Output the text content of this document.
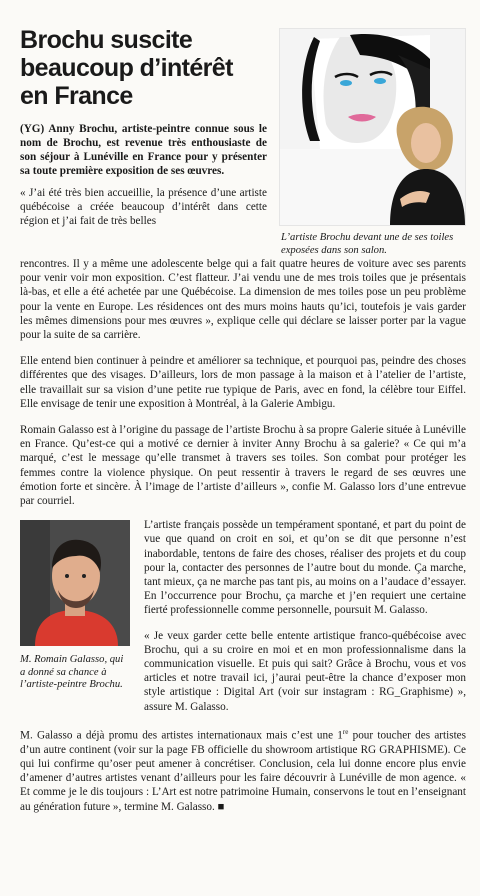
Brochu suscite
beaucoup d’intérêt
en France

(YG) Anny Brochu, artiste-peintre connue sous le nom de Brochu, est revenue très enthousiaste de son séjour à Lunéville en France pour y présenter sa toute première exposition de ses œuvres.

« J’ai été très bien accueillie, la présence d’une artiste québécoise a créée beaucoup d’intérêt dans cette région et j’ai fait de très belles

L’artiste Brochu devant une de ses toiles exposées dans son salon.

rencontres. Il y a même une adolescente belge qui a fait quatre heures de voiture avec ses parents pour venir voir mon exposition. C’est flatteur. J’ai vendu une de mes trois toiles que je présentais là-bas, et elle a été achetée par une Québécoise. La dimension de mes toiles pose un peu problème pour la vente en Europe. Les résidences ont des murs moins hauts qu’ici, toutefois je vais garder les mêmes dimensions pour mes œuvres », explique celle qui déclare se laisser porter par la vague pour la suite de sa carrière.

Elle entend bien continuer à peindre et améliorer sa technique, et pourquoi pas, peindre des choses différentes que des visages. D’ailleurs, lors de mon passage à la maison et à l’atelier de l’artiste, elle travaillait sur sa vision d’une petite rue typique de Paris, avec en fond, la célèbre tour Eiffel. Elle envisage de tenir une exposition à Montréal, à la Galerie Ambigu.

Romain Galasso est à l’origine du passage de l’artiste Brochu à sa propre Galerie située à Lunéville en France. Qu’est-ce qui a motivé ce dernier à inviter Anny Brochu à sa galerie? « Ce qui m’a marqué, c’est le message qu’elle transmet à travers ses toiles. Son combat pour protéger les femmes contre la violence physique. On peut ressentir à travers le regard de ses œuvres une émotion forte et sincère. À l’image de l’artiste d’ailleurs », confie M. Galasso lors d’une entrevue par courriel.

M. Romain Galasso, qui a donné sa chance à l’artiste-peintre Brochu.

L’artiste français possède un tempérament spontané, et part du point de vue que quand on croit en soi, et qu’on se dit que personne n’est inabordable, tentons de faire des choses, réaliser des projets et du coup pour la, contacter des personnes de l’autre bout du monde. Ça marche, tant mieux, ça ne marche pas tant pis, au moins on a l’audace d’essayer. En l’occurrence pour Brochu, ça marche et j’en requiert une certaine fierté professionnelle comme personnelle, poursuit M. Galasso.

« Je veux garder cette belle entente artistique franco-québécoise avec Brochu, qui a su croire en moi et en mon professionnalisme dans la communication visuelle. Et puis qui sait? Grâce à Brochu, vous et vos articles et notre travail ici, j’aurai peut-être la chance d’exposer mon style artistique : Digital Art (voir sur instagram : RG_Graphisme) », assure M. Galasso.

M. Galasso a déjà promu des artistes internationaux mais c’est une 1re pour toucher des artistes d’un autre continent (voir sur la page FB officielle du showroom artistique RG GRAPHISME). Ce qui lui confirme qu’oser peut amener à concrétiser. Conclusion, cela lui donne encore plus envie d’amener d’autres artistes venant d’ailleurs pour les faire découvrir à Lunéville de mon agence. « Et comme je le dis toujours : L’Art est notre patrimoine Humain, conservons le tout en l’enseignant au génération future », termine M. Galasso. ■
